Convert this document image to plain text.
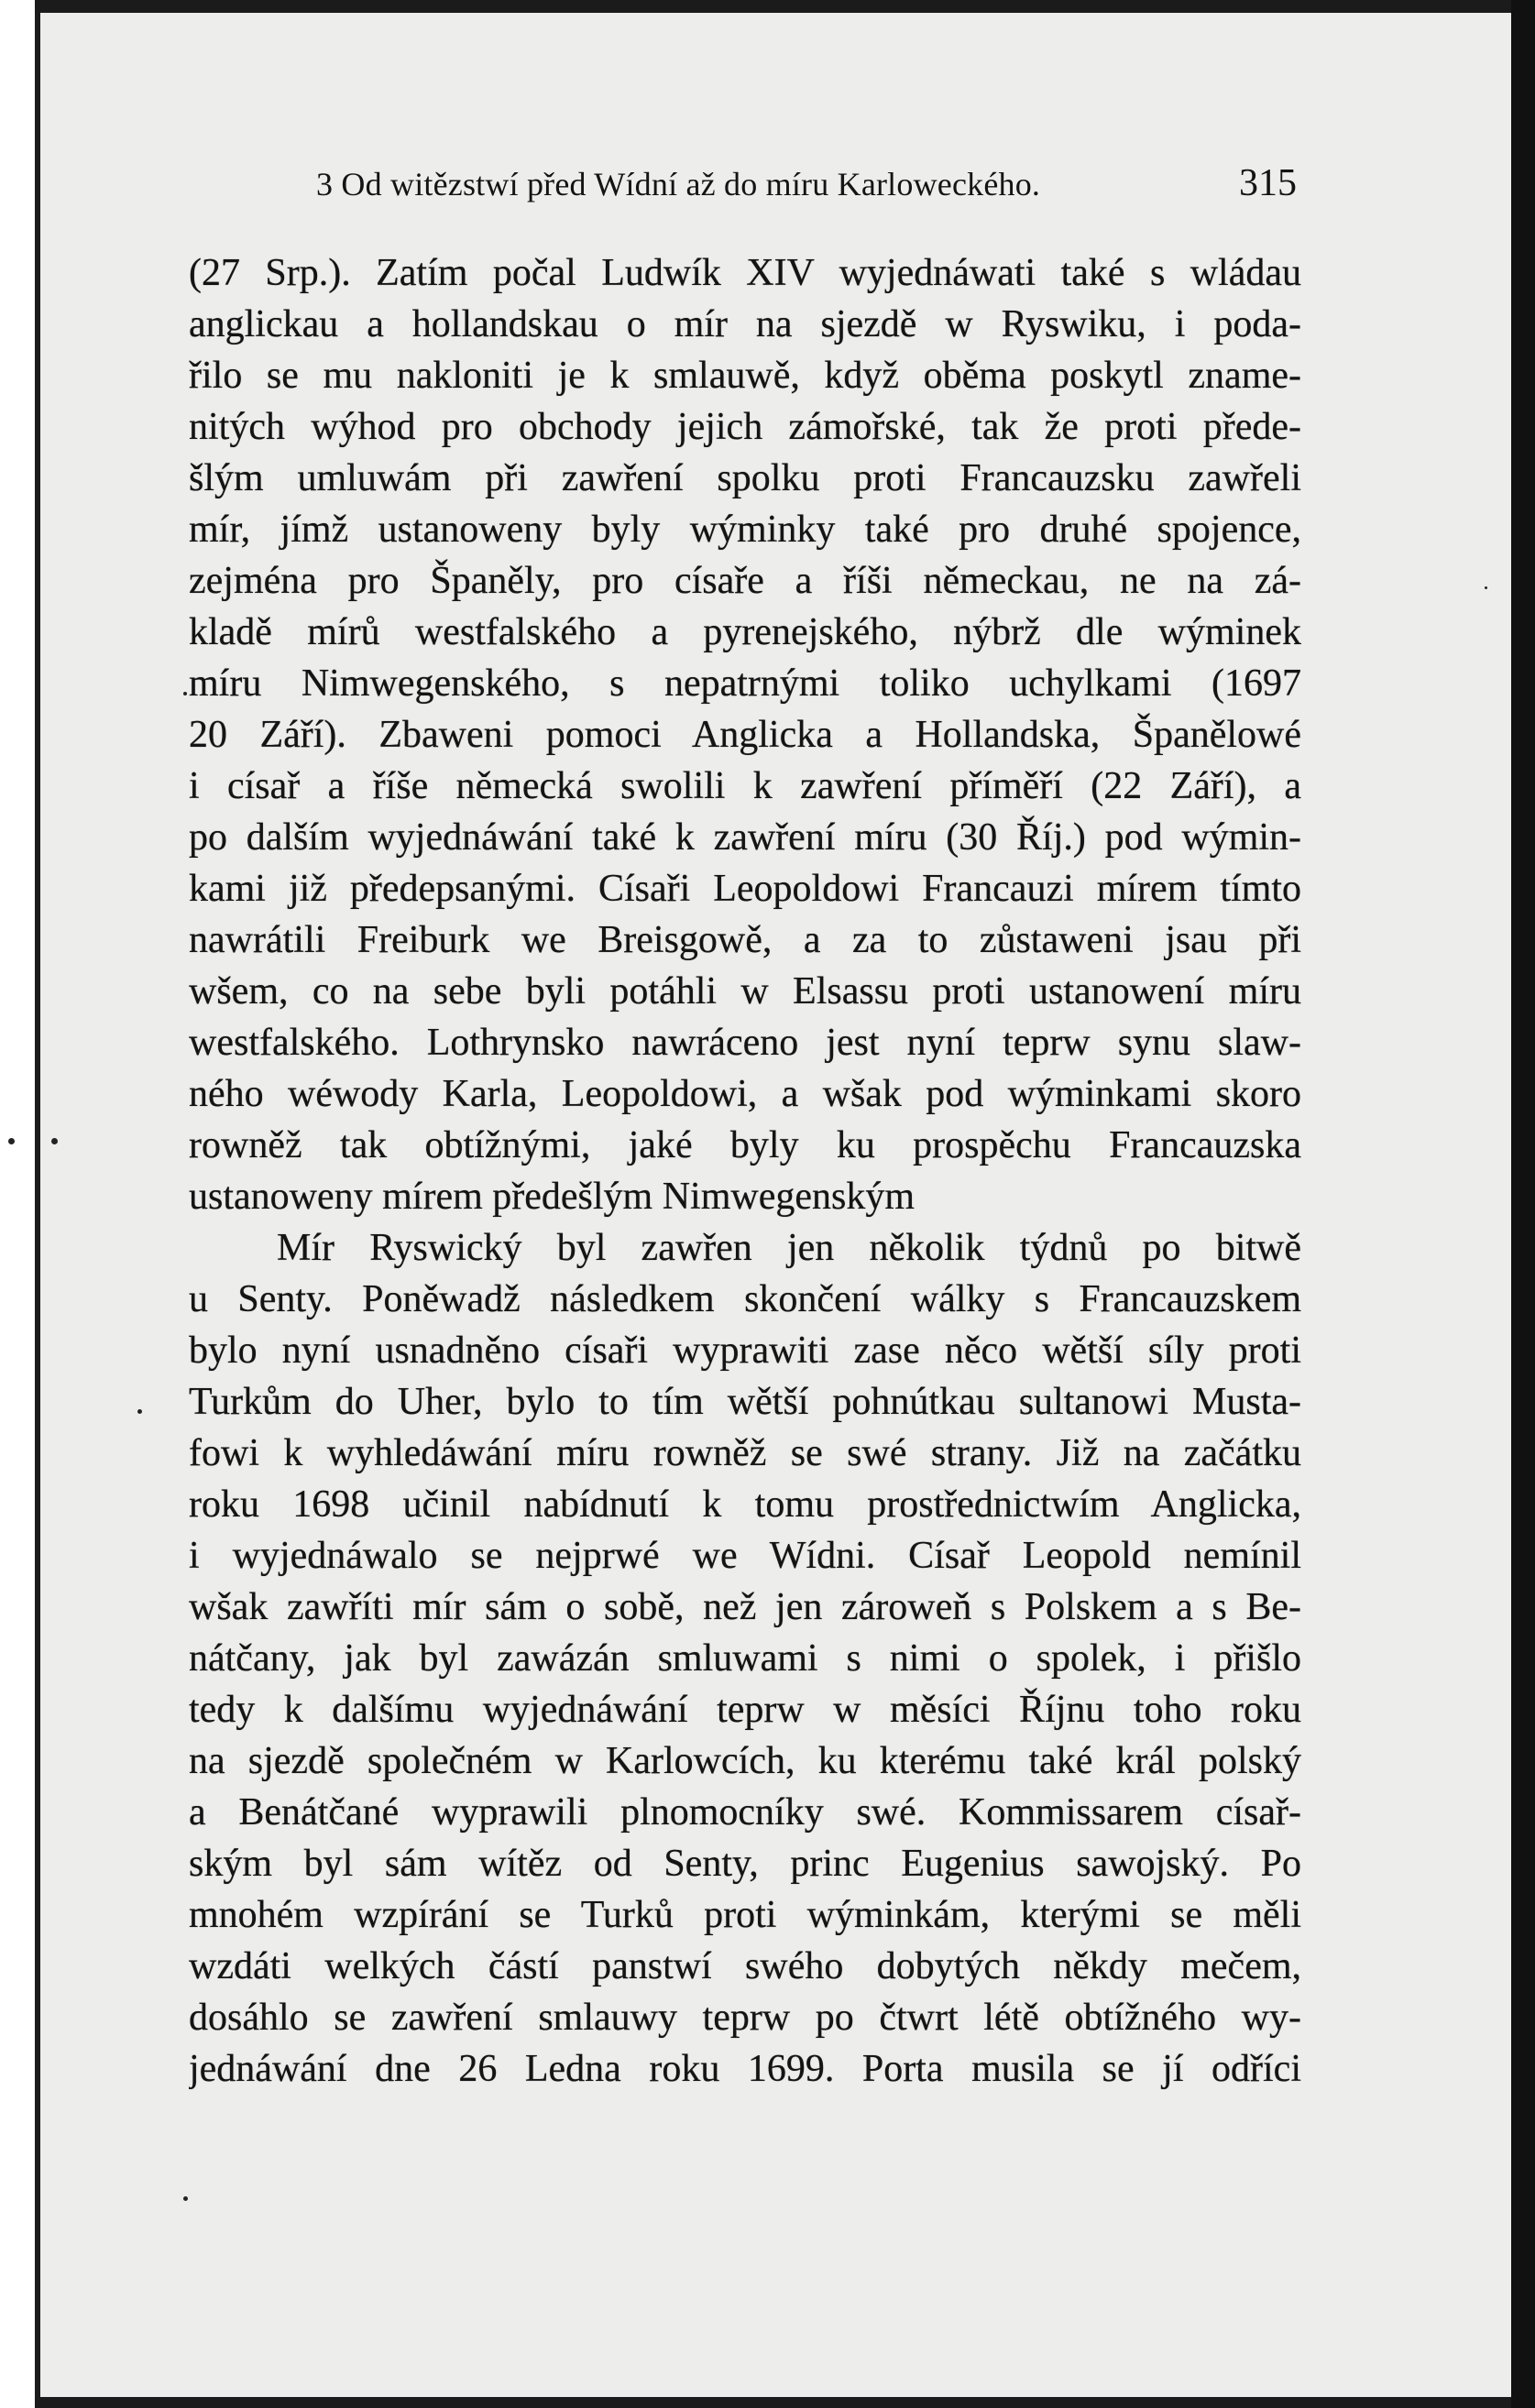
3 Od witězstwí před Wídní až do míru Karloweckého.	315
(27 Srp.). Zatím počal Ludwík XIV wyjednáwati také s wládau
anglickau a hollandskau o mír na sjezdě w Ryswiku, i poda-
řilo se mu nakloniti je k smlauwě, když oběma poskytl zname-
nitých wýhod pro obchody jejich zámořské, tak že proti přede-
šlým umluwám při zawření spolku proti Francauzsku zawřeli
mír, jímž ustanoweny byly wýminky také pro druhé spojence,
zejména pro Španěly, pro císaře a říši německau, ne na zá-
kladě mírů westfalského a pyrenejského, nýbrž dle wýminek
míru Nimwegenského, s nepatrnými toliko uchylkami (1697
20 Září). Zbaweni pomoci Anglicka a Hollandska, Španělowé
i císař a říše německá swolili k zawření příměří (22 Září), a
po dalším wyjednáwání také k zawření míru (30 Říj.) pod wýmin-
kami již předepsanými. Císaři Leopoldowi Francauzi mírem tímto
nawrátili Freiburk we Breisgowě, a za to zůstaweni jsau při
wšem, co na sebe byli potáhli w Elsassu proti ustanowení míru
westfalského. Lothrynsko nawráceno jest nyní teprw synu slaw-
ného wéwody Karla, Leopoldowi, a wšak pod wýminkami skoro
rowněž tak obtížnými, jaké byly ku prospěchu Francauzska
ustanoweny mírem předešlým Nimwegenským
Mír Ryswický byl zawřen jen několik týdnů po bitwě
u Senty. Poněwadž následkem skončení wálky s Francauzskem
bylo nyní usnadněno císaři wyprawiti zase něco wětší síly proti
Turkům do Uher, bylo to tím wětší pohnútkau sultanowi Musta-
fowi k wyhledáwání míru rowněž se swé strany. Již na začátku
roku 1698 učinil nabídnutí k tomu prostřednictwím Anglicka,
i wyjednáwalo se nejprwé we Wídni. Císař Leopold nemínil
wšak zawříti mír sám o sobě, než jen zároweň s Polskem a s Be-
nátčany, jak byl zawázán smluwami s nimi o spolek, i přišlo
tedy k dalšímu wyjednáwání teprw w měsíci Říjnu toho roku
na sjezdě společném w Karlowcích, ku kterému také král polský
a Benátčané wyprawili plnomocníky swé. Kommissarem císař-
ským byl sám wítěz od Senty, princ Eugenius sawojský. Po
mnohém wzpírání se Turků proti wýminkám, kterými se měli
wzdáti welkých částí panstwí swého dobytých někdy mečem,
dosáhlo se zawření smlauwy teprw po čtwrt létě obtížného wy-
jednáwání dne 26 Ledna roku 1699. Porta musila se jí odříci
